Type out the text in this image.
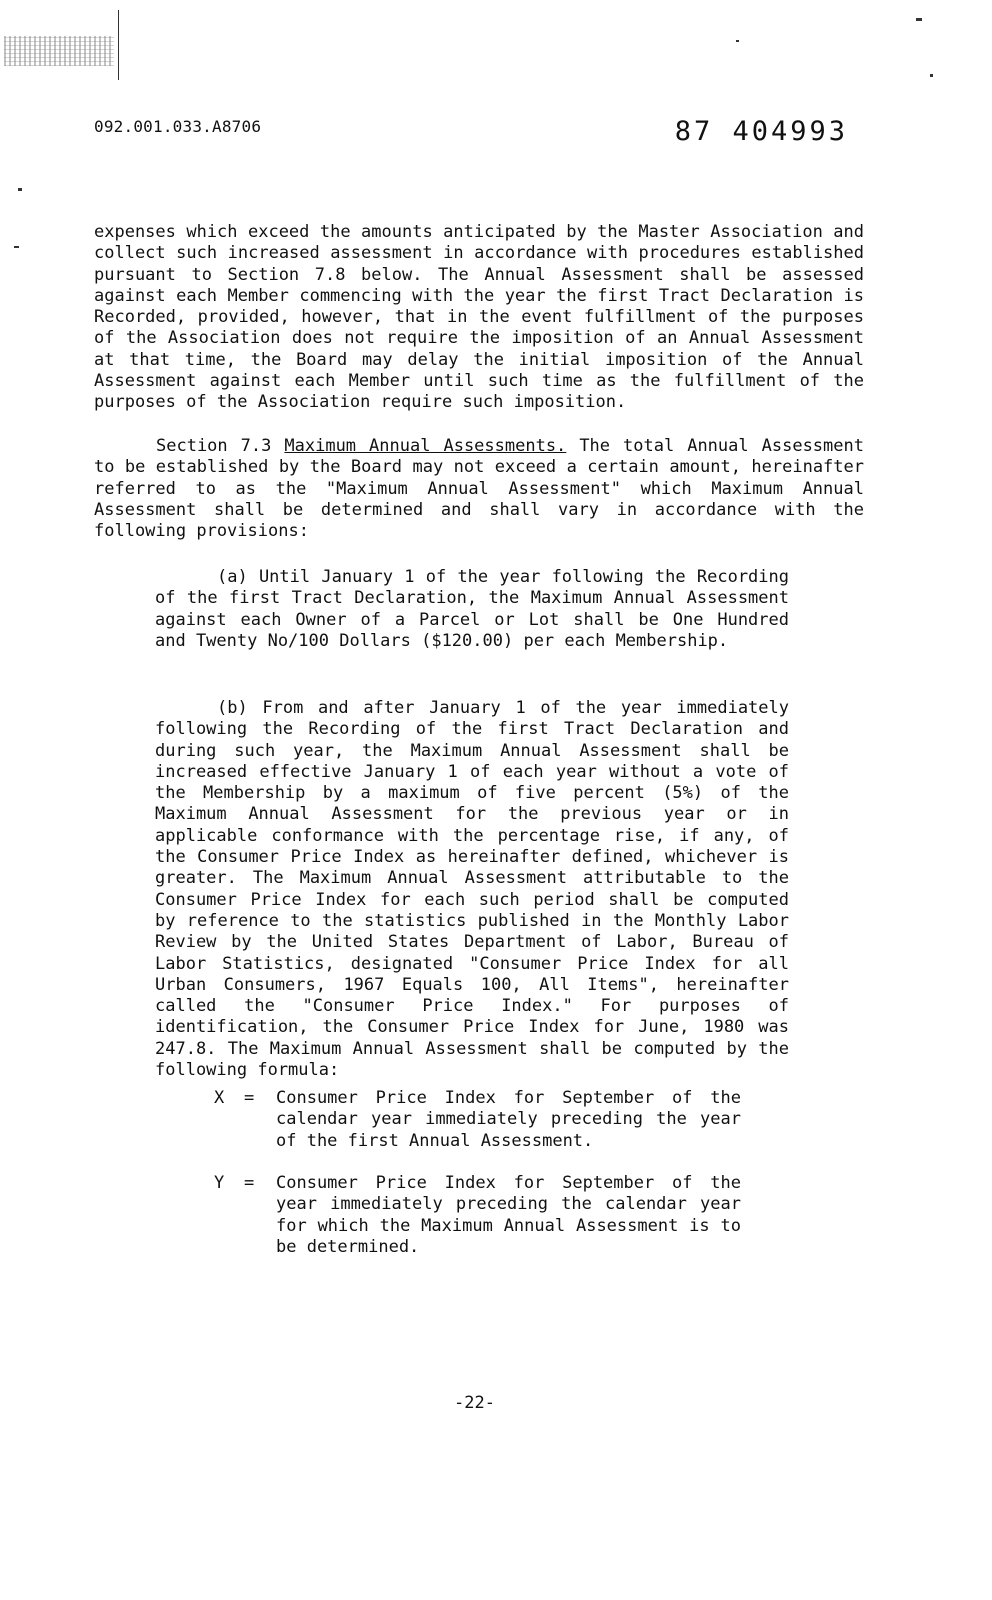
092.001.033.A8706	87 404993
expenses which exceed the amounts anticipated by the Master Association and collect such increased assessment in accordance with procedures established pursuant to Section 7.8 below. The Annual Assessment shall be assessed against each Member commencing with the year the first Tract Declaration is Recorded, provided, however, that in the event fulfillment of the purposes of the Association does not require the imposition of an Annual Assessment at that time, the Board may delay the initial imposition of the Annual Assessment against each Member until such time as the fulfillment of the purposes of the Association require such imposition.
Section 7.3 Maximum Annual Assessments. The total Annual Assessment to be established by the Board may not exceed a certain amount, hereinafter referred to as the "Maximum Annual Assessment" which Maximum Annual Assessment shall be determined and shall vary in accordance with the following provisions:
(a) Until January 1 of the year following the Recording of the first Tract Declaration, the Maximum Annual Assessment against each Owner of a Parcel or Lot shall be One Hundred and Twenty No/100 Dollars ($120.00) per each Membership.
(b) From and after January 1 of the year immediately following the Recording of the first Tract Declaration and during such year, the Maximum Annual Assessment shall be increased effective January 1 of each year without a vote of the Membership by a maximum of five percent (5%) of the Maximum Annual Assessment for the previous year or in applicable conformance with the percentage rise, if any, of the Consumer Price Index as hereinafter defined, whichever is greater. The Maximum Annual Assessment attributable to the Consumer Price Index for each such period shall be computed by reference to the statistics published in the Monthly Labor Review by the United States Department of Labor, Bureau of Labor Statistics, designated "Consumer Price Index for all Urban Consumers, 1967 Equals 100, All Items", hereinafter called the "Consumer Price Index." For purposes of identification, the Consumer Price Index for June, 1980 was 247.8. The Maximum Annual Assessment shall be computed by the following formula:
X	=	Consumer Price Index for September of the calendar year immediately preceding the year of the first Annual Assessment.
Y	=	Consumer Price Index for September of the year immediately preceding the calendar year for which the Maximum Annual Assessment is to be determined.
-22-
